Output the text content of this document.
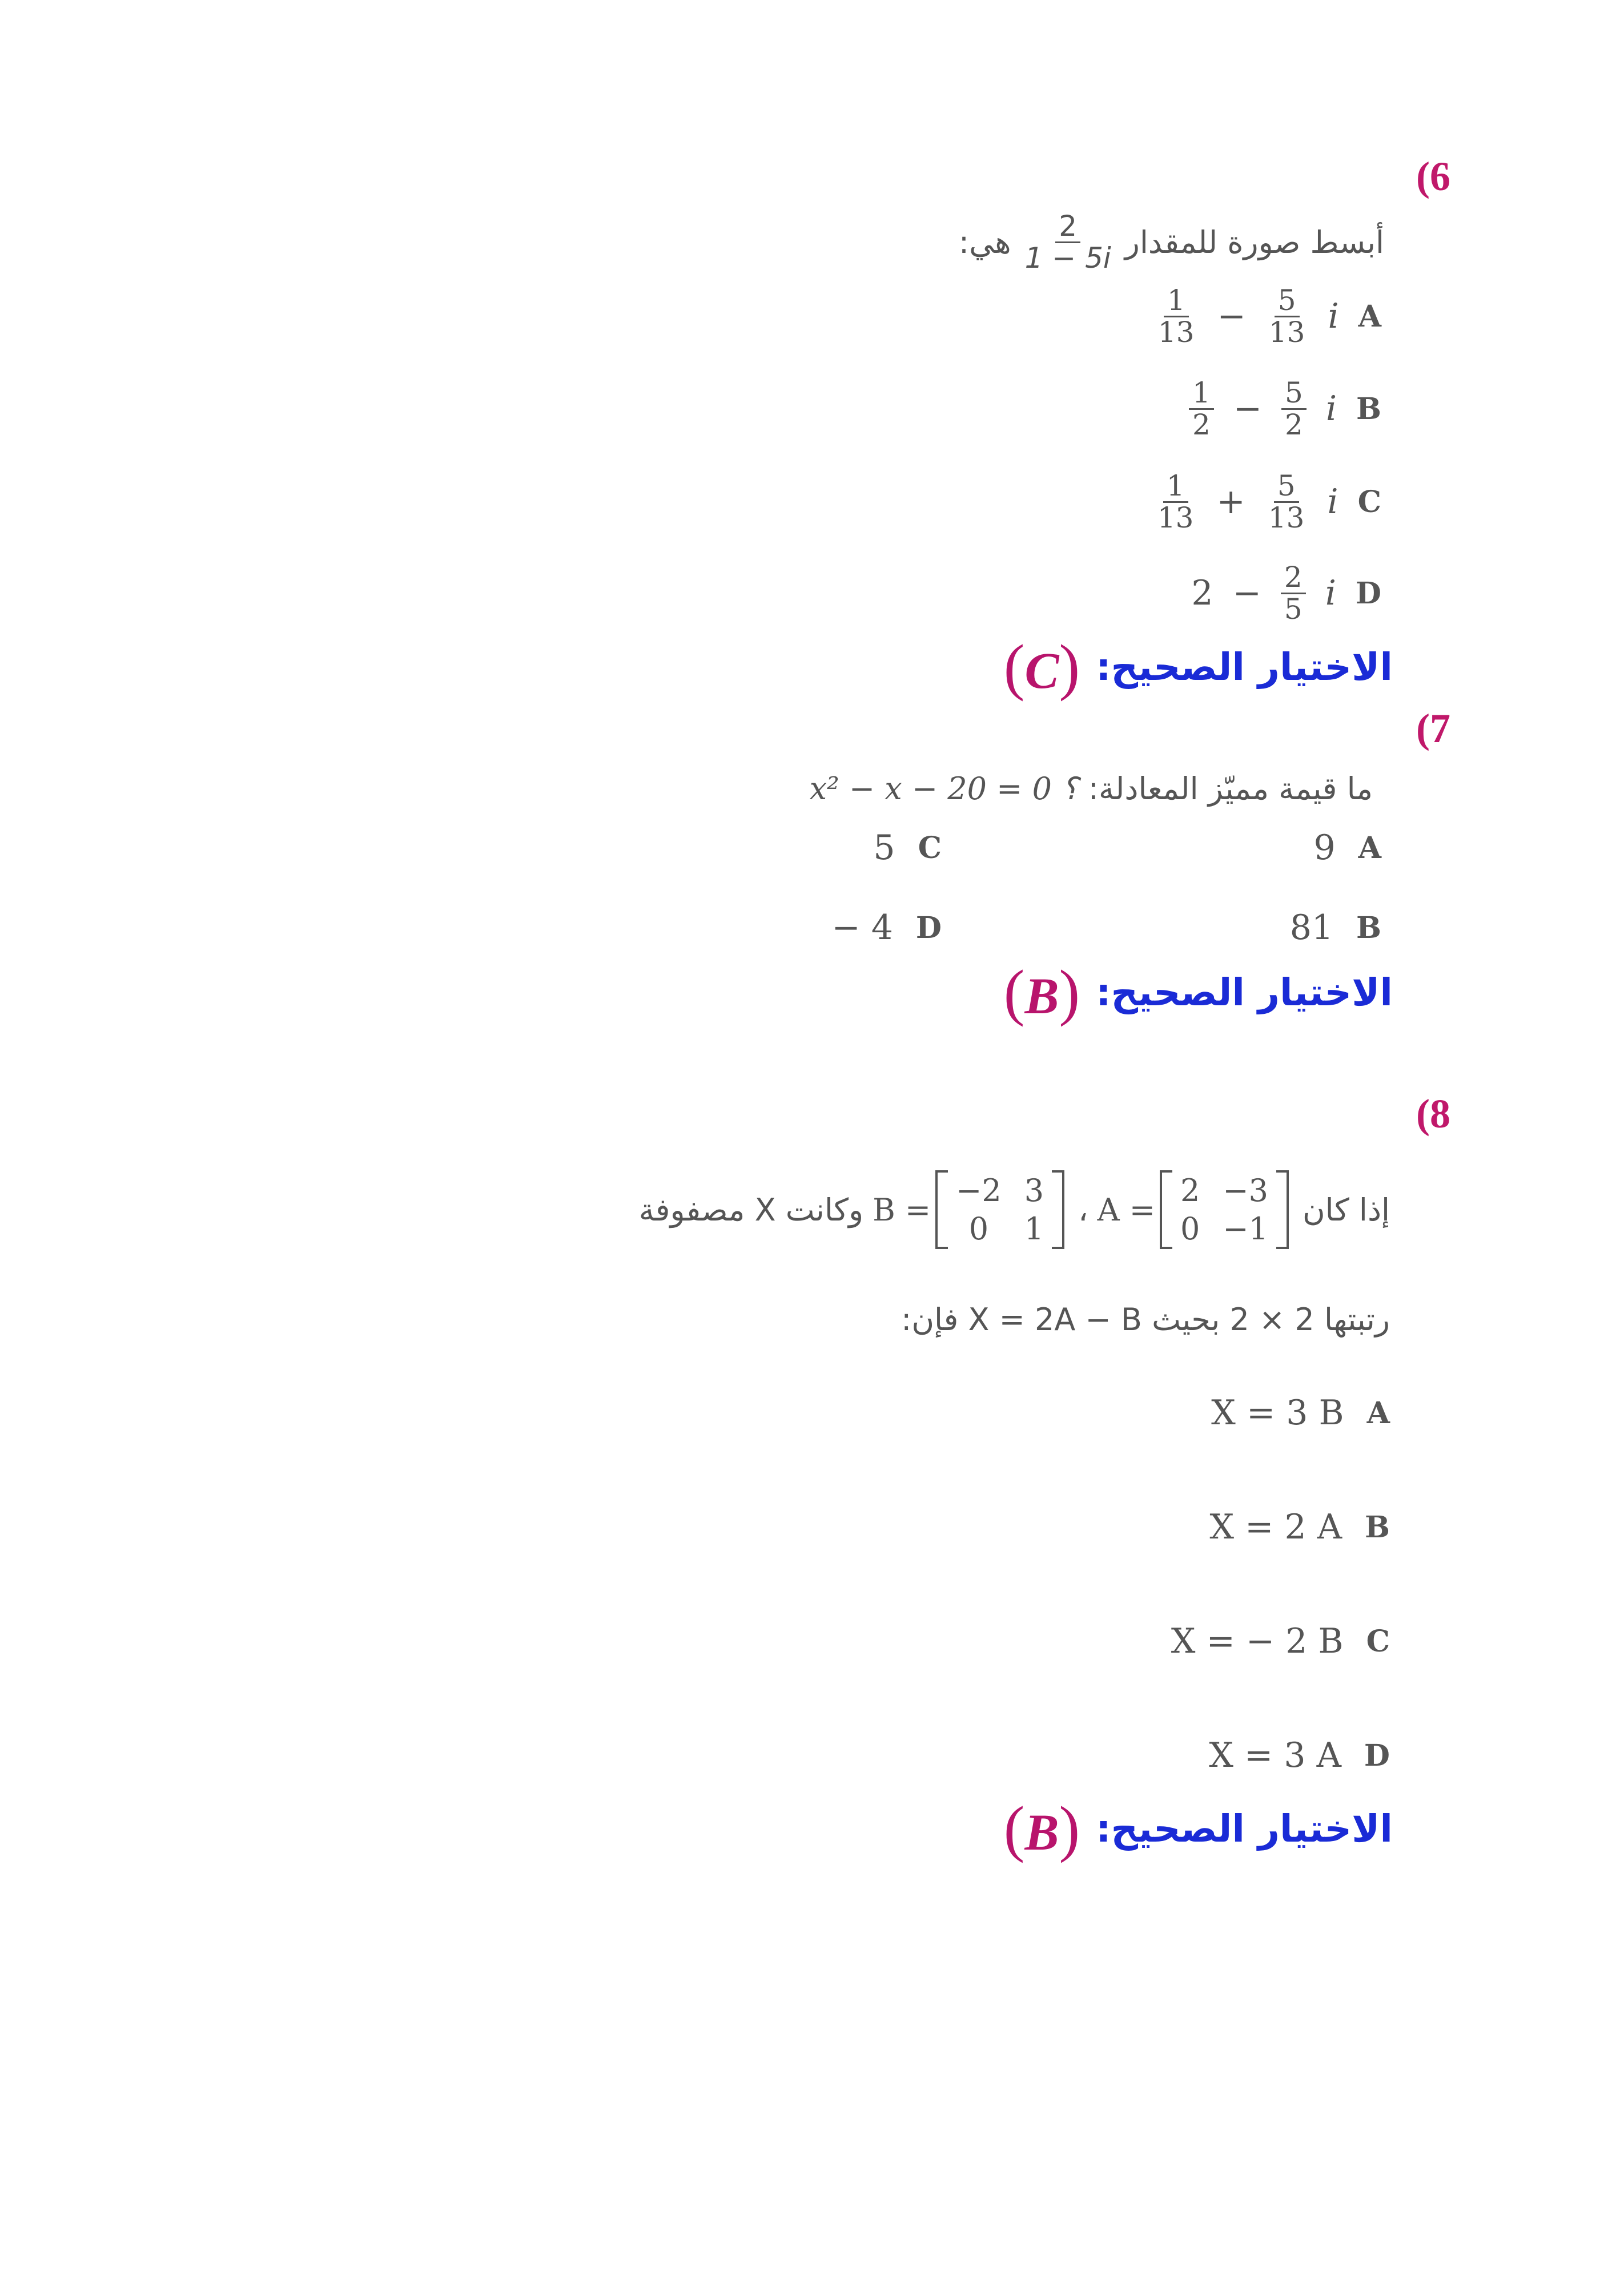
(6
أبسط صورة للمقدار
$\frac{2}{1 - 5i}$
هي:
$\frac{1}{13} - \frac{5}{13}$ i A
$\frac{1}{2} - \frac{5}{2}$ i B
$\frac{1}{13} + \frac{5}{13}$ i C
$2 - \frac{2}{5}$ i D
(C) الاختيار الصحيح:
(7
ما قيمة مميّز المعادلة:
x² − x − 20 = 0 ؟
9 A
5 C
81 B
− 4 D
(B) الاختيار الصحيح:
(8
إذا كان
A =
2 −3
0 −1
،
B =
−2 3
0	1
وكانت X مصفوفة
رتبتها 2 × 2 بحيث X = 2A − B فإن:
X = 3 B A
X = 2 A B
X = − 2 B C
X = 3 A D
(B) الاختيار الصحيح:
